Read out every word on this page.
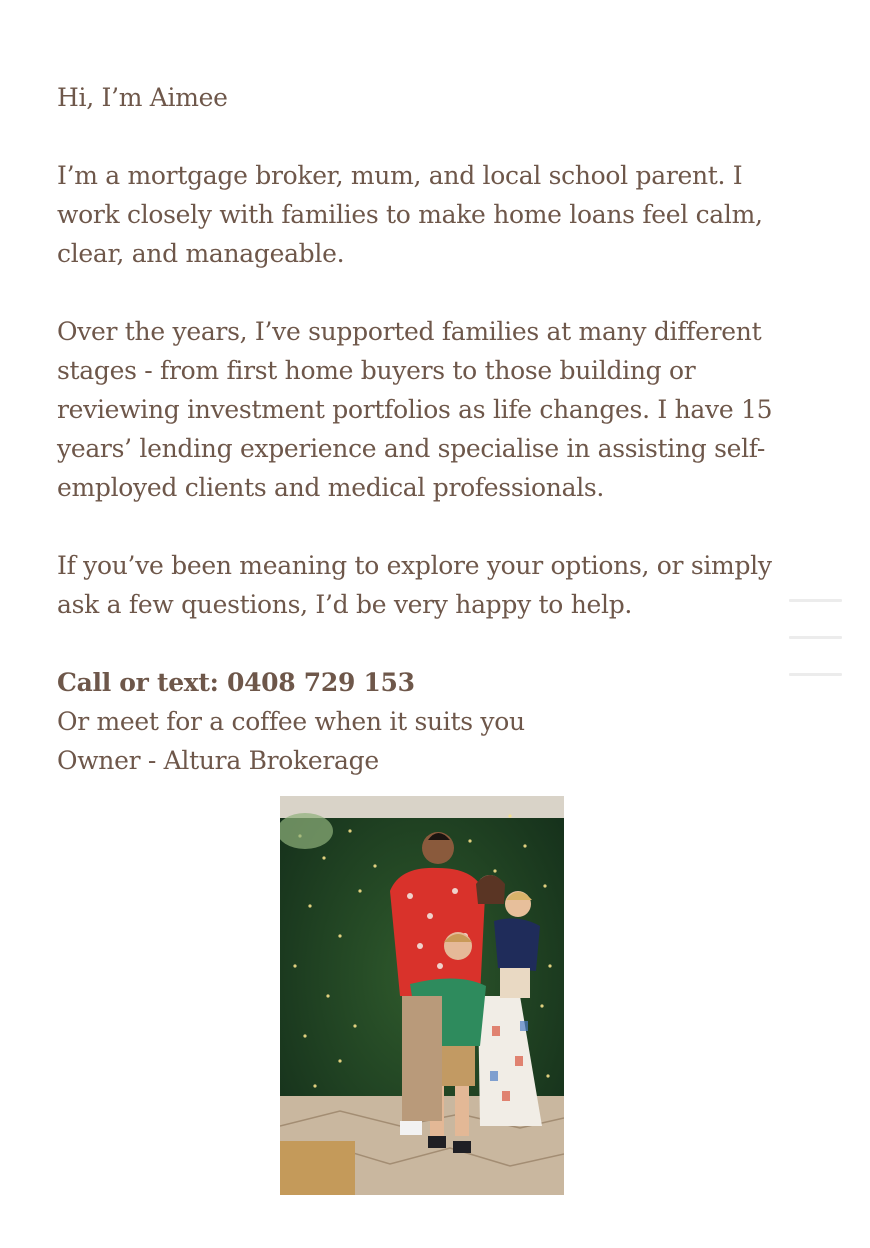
Hi, I’m Aimee

I’m a mortgage broker, mum, and local school parent. I
work closely with families to make home loans feel calm,
clear, and manageable.

Over the years, I’ve supported families at many different
stages - from first home buyers to those building or
reviewing investment portfolios as life changes. I have 15
years’ lending experience and specialise in assisting self-
employed clients and medical professionals.

If you’ve been meaning to explore your options, or simply
ask a few questions, I’d be very happy to help.

Call or text: 0408 729 153
Or meet for a coffee when it suits you
Owner - Altura Brokerage
